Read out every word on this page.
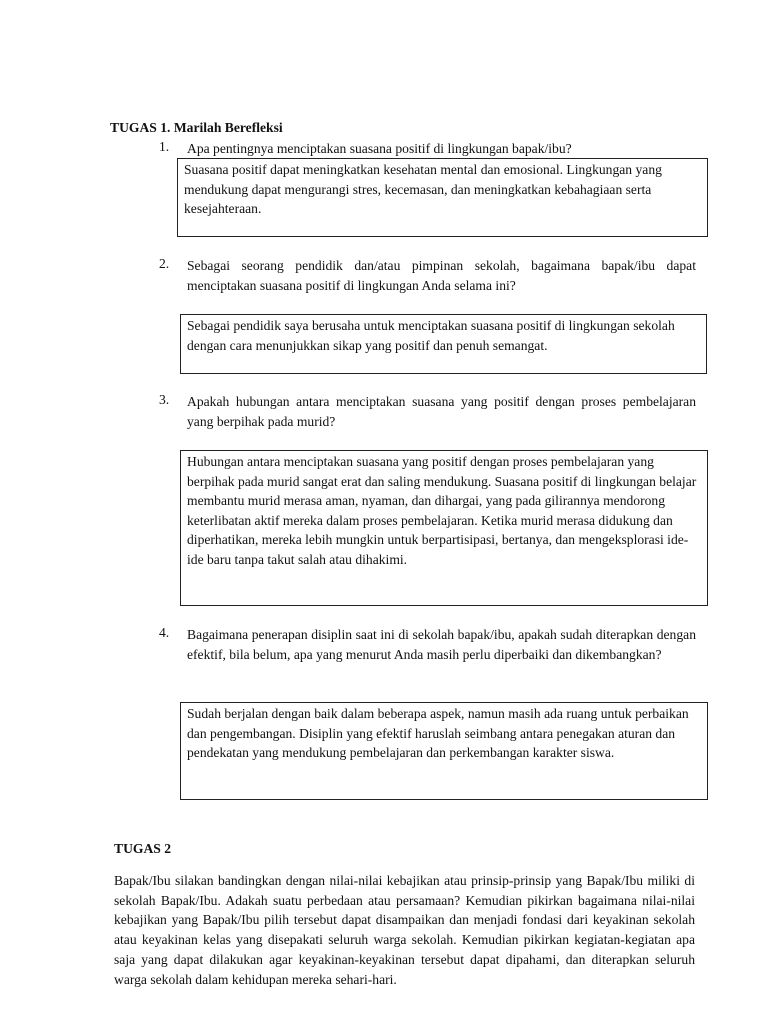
TUGAS 1. Marilah Berefleksi
1.	Apa pentingnya menciptakan suasana positif di lingkungan bapak/ibu?
Suasana positif dapat meningkatkan kesehatan mental dan emosional. Lingkungan yang mendukung dapat mengurangi stres, kecemasan, dan meningkatkan kebahagiaan serta kesejahteraan.
2.	Sebagai seorang pendidik dan/atau pimpinan sekolah, bagaimana bapak/ibu dapat menciptakan suasana positif di lingkungan Anda selama ini?
Sebagai pendidik saya berusaha untuk menciptakan suasana positif di lingkungan sekolah dengan cara menunjukkan sikap yang positif dan penuh semangat.
3.	Apakah hubungan antara menciptakan suasana yang positif dengan proses pembelajaran yang berpihak pada murid?
Hubungan antara menciptakan suasana yang positif dengan proses pembelajaran yang berpihak pada murid sangat erat dan saling mendukung. Suasana positif di lingkungan belajar membantu murid merasa aman, nyaman, dan dihargai, yang pada gilirannya mendorong keterlibatan aktif mereka dalam proses pembelajaran. Ketika murid merasa didukung dan diperhatikan, mereka lebih mungkin untuk berpartisipasi, bertanya, dan mengeksplorasi ide-ide baru tanpa takut salah atau dihakimi.
4.	Bagaimana penerapan disiplin saat ini di sekolah bapak/ibu, apakah sudah diterapkan dengan efektif, bila belum, apa yang menurut Anda masih perlu diperbaiki dan dikembangkan?
Sudah berjalan dengan baik dalam beberapa aspek, namun masih ada ruang untuk perbaikan dan pengembangan. Disiplin yang efektif haruslah seimbang antara penegakan aturan dan pendekatan yang mendukung pembelajaran dan perkembangan karakter siswa.
TUGAS 2
Bapak/Ibu silakan bandingkan dengan nilai-nilai kebajikan atau prinsip-prinsip yang Bapak/Ibu miliki di sekolah Bapak/Ibu. Adakah suatu perbedaan atau persamaan? Kemudian pikirkan bagaimana nilai-nilai kebajikan yang Bapak/Ibu pilih tersebut dapat disampaikan dan menjadi fondasi dari keyakinan sekolah atau keyakinan kelas yang disepakati seluruh warga sekolah. Kemudian pikirkan kegiatan-kegiatan apa saja yang dapat dilakukan agar keyakinan-keyakinan tersebut dapat dipahami, dan diterapkan seluruh warga sekolah dalam kehidupan mereka sehari-hari.
